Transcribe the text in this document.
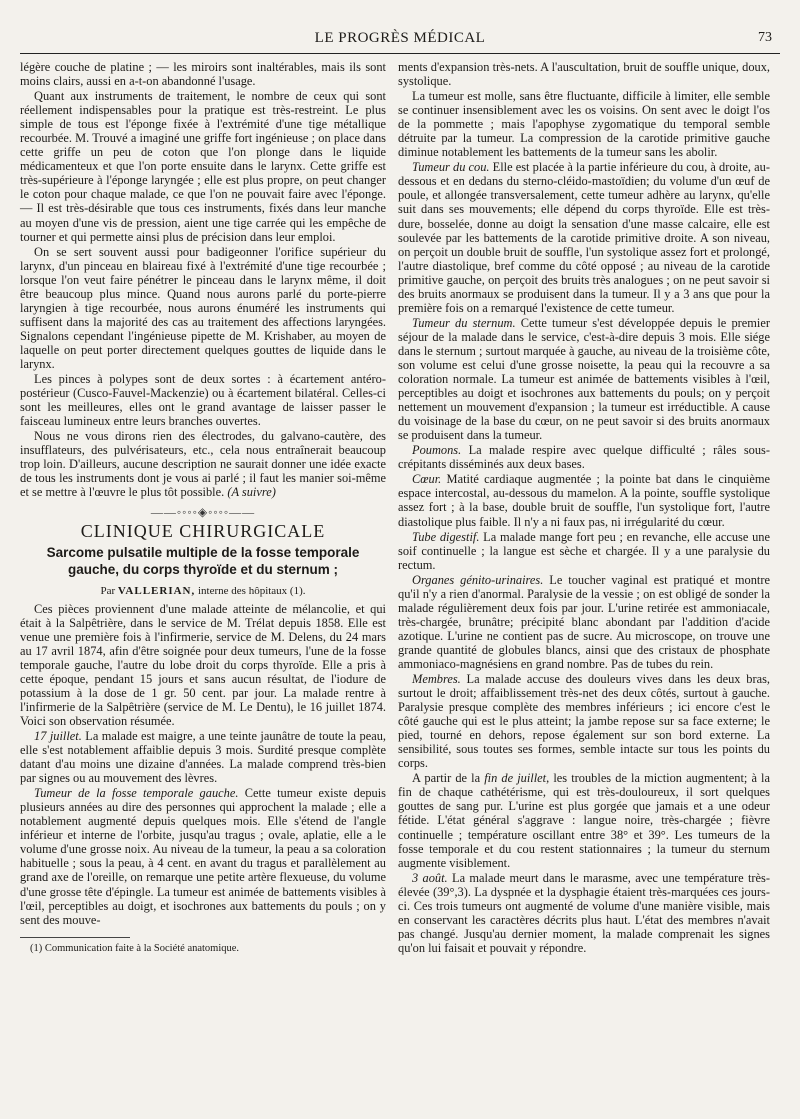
LE PROGRÈS MÉDICAL	73

légère couche de platine ; — les miroirs sont inaltérables, mais ils sont moins clairs, aussi en a-t-on abandonné l'usage.

Quant aux instruments de traitement, le nombre de ceux qui sont réellement indispensables pour la pratique est très-restreint. Le plus simple de tous est l'éponge fixée à l'extrémité d'une tige métallique recourbée. M. Trouvé a imaginé une griffe fort ingénieuse ; on place dans cette griffe un peu de coton que l'on plonge dans le liquide médicamenteux et que l'on porte ensuite dans le larynx. Cette griffe est très-supérieure à l'éponge laryngée ; elle est plus propre, on peut changer le coton pour chaque malade, ce que l'on ne pouvait faire avec l'éponge. — Il est très-désirable que tous ces instruments, fixés dans leur manche au moyen d'une vis de pression, aient une tige carrée qui les empêche de tourner et qui permette ainsi plus de précision dans leur emploi.

On se sert souvent aussi pour badigeonner l'orifice supérieur du larynx, d'un pinceau en blaireau fixé à l'extrémité d'une tige recourbée ; lorsque l'on veut faire pénétrer le pinceau dans le larynx même, il doit être beaucoup plus mince. Quand nous aurons parlé du porte-pierre laryngien à tige recourbée, nous aurons énuméré les instruments qui suffisent dans la majorité des cas au traitement des affections laryngées. Signalons cependant l'ingénieuse pipette de M. Krishaber, au moyen de laquelle on peut porter directement quelques gouttes de liquide dans le larynx.

Les pinces à polypes sont de deux sortes : à écartement antéro-postérieur (Cusco-Fauvel-Mackenzie) ou à écartement bilatéral. Celles-ci sont les meilleures, elles ont le grand avantage de laisser passer le faisceau lumineux entre leurs branches ouvertes.

Nous ne vous dirons rien des électrodes, du galvano-cautère, des insufflateurs, des pulvérisateurs, etc., cela nous entraînerait beaucoup trop loin. D'ailleurs, aucune description ne saurait donner une idée exacte de tous les instruments dont je vous ai parlé ; il faut les manier soi-même et se mettre à l'œuvre le plus tôt possible. (A suivre)

——◦◦◦◦◈◦◦◦◦——
CLINIQUE CHIRURGICALE
Sarcome pulsatile multiple de la fosse temporale gauche, du corps thyroïde et du sternum ;
Par VALLERIAN, interne des hôpitaux (1).

Ces pièces proviennent d'une malade atteinte de mélancolie, et qui était à la Salpêtrière, dans le service de M. Trélat depuis 1858. Elle est venue une première fois à l'infirmerie, service de M. Delens, du 24 mars au 17 avril 1874, afin d'être soignée pour deux tumeurs, l'une de la fosse temporale gauche, l'autre du lobe droit du corps thyroïde. Elle a pris à cette époque, pendant 15 jours et sans aucun résultat, de l'iodure de potassium à la dose de 1 gr. 50 cent. par jour. La malade rentre à l'infirmerie de la Salpêtrière (service de M. Le Dentu), le 16 juillet 1874. Voici son observation résumée.

17 juillet. La malade est maigre, a une teinte jaunâtre de toute la peau, elle s'est notablement affaiblie depuis 3 mois. Surdité presque complète datant d'au moins une dizaine d'années. La malade comprend très-bien par signes ou au mouvement des lèvres.

Tumeur de la fosse temporale gauche. Cette tumeur existe depuis plusieurs années au dire des personnes qui approchent la malade ; elle a notablement augmenté depuis quelques mois. Elle s'étend de l'angle inférieur et interne de l'orbite, jusqu'au tragus ; ovale, aplatie, elle a le volume d'une grosse noix. Au niveau de la tumeur, la peau a sa coloration habituelle ; sous la peau, à 4 cent. en avant du tragus et parallèlement au grand axe de l'oreille, on remarque une petite artère flexueuse, du volume d'une grosse tête d'épingle. La tumeur est animée de battements visibles à l'œil, perceptibles au doigt, et isochrones aux battements du pouls ; on y sent des mouve-

(1) Communication faite à la Société anatomique.

ments d'expansion très-nets. A l'auscultation, bruit de souffle unique, doux, systolique.

La tumeur est molle, sans être fluctuante, difficile à limiter, elle semble se continuer insensiblement avec les os voisins. On sent avec le doigt l'os de la pommette ; mais l'apophyse zygomatique du temporal semble détruite par la tumeur. La compression de la carotide primitive gauche diminue notablement les battements de la tumeur sans les abolir.

Tumeur du cou. Elle est placée à la partie inférieure du cou, à droite, au-dessous et en dedans du sterno-cléido-mastoïdien; du volume d'un œuf de poule, et allongée transversalement, cette tumeur adhère au larynx, qu'elle suit dans ses mouvements; elle dépend du corps thyroïde. Elle est très-dure, bosselée, donne au doigt la sensation d'une masse calcaire, elle est soulevée par les battements de la carotide primitive droite. A son niveau, on perçoit un double bruit de souffle, l'un systolique assez fort et prolongé, l'autre diastolique, bref comme du côté opposé ; au niveau de la carotide primitive gauche, on perçoit des bruits très analogues ; on ne peut savoir si des bruits anormaux se produisent dans la tumeur. Il y a 3 ans que pour la première fois on a remarqué l'existence de cette tumeur.

Tumeur du sternum. Cette tumeur s'est développée depuis le premier séjour de la malade dans le service, c'est-à-dire depuis 3 mois. Elle siége dans le sternum ; surtout marquée à gauche, au niveau de la troisième côte, son volume est celui d'une grosse noisette, la peau qui la recouvre a sa coloration normale. La tumeur est animée de battements visibles à l'œil, perceptibles au doigt et isochrones aux battements du pouls; on y perçoit nettement un mouvement d'expansion ; la tumeur est irréductible. A cause du voisinage de la base du cœur, on ne peut savoir si des bruits anormaux se produisent dans la tumeur.

Poumons. La malade respire avec quelque difficulté ; râles sous-crépitants disséminés aux deux bases.

Cœur. Matité cardiaque augmentée ; la pointe bat dans le cinquième espace intercostal, au-dessous du mamelon. A la pointe, souffle systolique assez fort ; à la base, double bruit de souffle, l'un systolique fort, l'autre diastolique plus faible. Il n'y a ni faux pas, ni irrégularité du cœur.

Tube digestif. La malade mange fort peu ; en revanche, elle accuse une soif continuelle ; la langue est sèche et chargée. Il y a une paralysie du rectum.

Organes génito-urinaires. Le toucher vaginal est pratiqué et montre qu'il n'y a rien d'anormal. Paralysie de la vessie ; on est obligé de sonder la malade régulièrement deux fois par jour. L'urine retirée est ammoniacale, très-chargée, brunâtre; précipité blanc abondant par l'addition d'acide azotique. L'urine ne contient pas de sucre. Au microscope, on trouve une grande quantité de globules blancs, ainsi que des cristaux de phosphate ammoniaco-magnésiens en grand nombre. Pas de tubes du rein.

Membres. La malade accuse des douleurs vives dans les deux bras, surtout le droit; affaiblissement très-net des deux côtés, surtout à gauche. Paralysie presque complète des membres inférieurs ; ici encore c'est le côté gauche qui est le plus atteint; la jambe repose sur sa face externe; le pied, tourné en dehors, repose également sur son bord externe. La sensibilité, sous toutes ses formes, semble intacte sur tous les points du corps.

A partir de la fin de juillet, les troubles de la miction augmentent; à la fin de chaque cathétérisme, qui est très-douloureux, il sort quelques gouttes de sang pur. L'urine est plus gorgée que jamais et a une odeur fétide. L'état général s'aggrave : langue noire, très-chargée ; fièvre continuelle ; température oscillant entre 38° et 39°. Les tumeurs de la fosse temporale et du cou restent stationnaires ; la tumeur du sternum augmente visiblement.

3 août. La malade meurt dans le marasme, avec une température très-élevée (39°,3). La dyspnée et la dysphagie étaient très-marquées ces jours-ci. Ces trois tumeurs ont augmenté de volume d'une manière visible, mais en conservant les caractères décrits plus haut. L'état des membres n'avait pas changé. Jusqu'au dernier moment, la malade comprenait les signes qu'on lui faisait et pouvait y répondre.
